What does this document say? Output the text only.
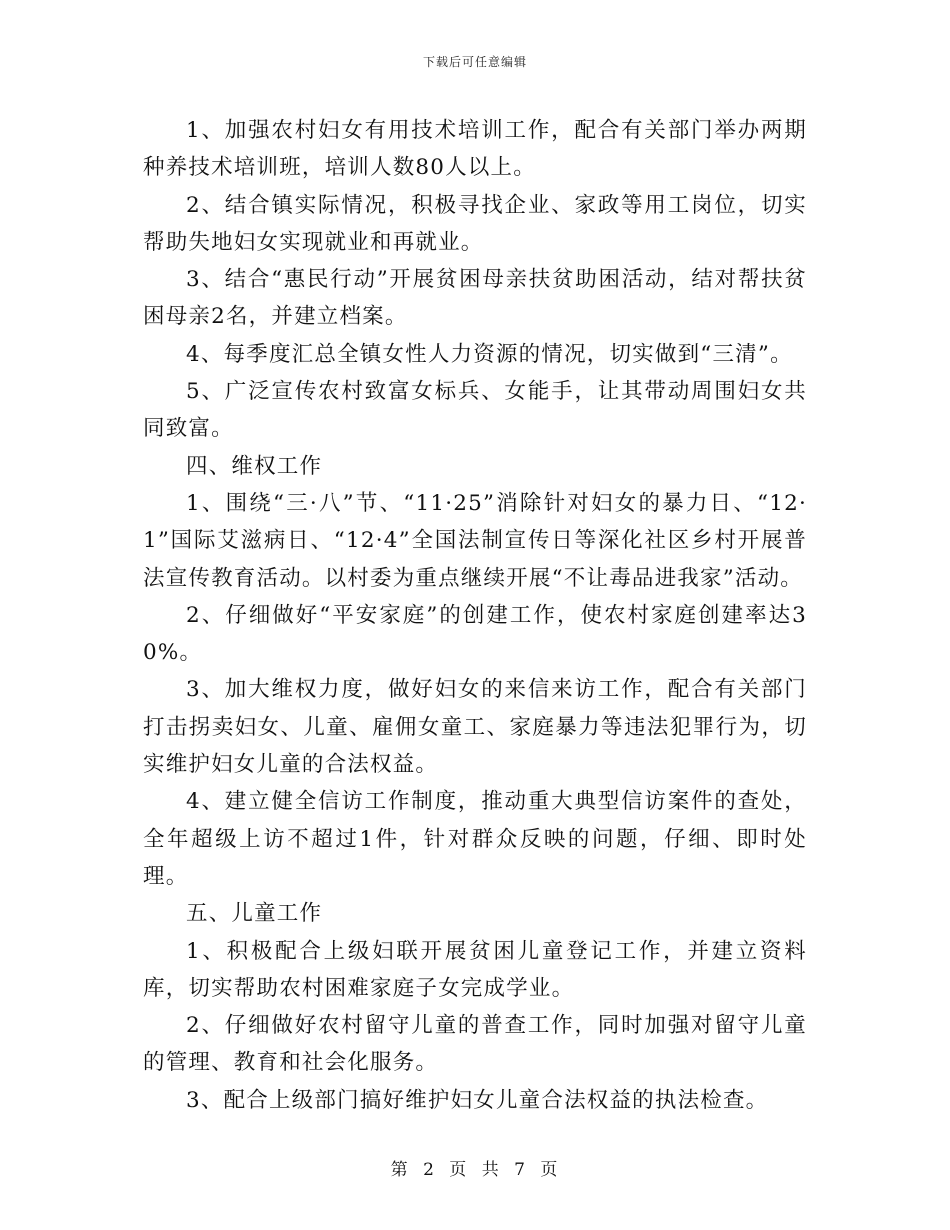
下载后可任意编辑

1、加强农村妇女有用技术培训工作，配合有关部门举办两期种养技术培训班，培训人数80人以上。

2、结合镇实际情况，积极寻找企业、家政等用工岗位，切实帮助失地妇女实现就业和再就业。

3、结合“惠民行动”开展贫困母亲扶贫助困活动，结对帮扶贫困母亲2名，并建立档案。

4、每季度汇总全镇女性人力资源的情况，切实做到“三清”。

5、广泛宣传农村致富女标兵、女能手，让其带动周围妇女共同致富。

四、维权工作

1、围绕“三·八”节、“11·25”消除针对妇女的暴力日、“12·1”国际艾滋病日、“12·4”全国法制宣传日等深化社区乡村开展普法宣传教育活动。以村委为重点继续开展“不让毒品进我家”活动。

2、仔细做好“平安家庭”的创建工作，使农村家庭创建率达30%。

3、加大维权力度，做好妇女的来信来访工作，配合有关部门打击拐卖妇女、儿童、雇佣女童工、家庭暴力等违法犯罪行为，切实维护妇女儿童的合法权益。

4、建立健全信访工作制度，推动重大典型信访案件的查处，全年超级上访不超过1件，针对群众反映的问题，仔细、即时处理。

五、儿童工作

1、积极配合上级妇联开展贫困儿童登记工作，并建立资料库，切实帮助农村困难家庭子女完成学业。

2、仔细做好农村留守儿童的普查工作，同时加强对留守儿童的管理、教育和社会化服务。

3、配合上级部门搞好维护妇女儿童合法权益的执法检查。

第 2 页 共 7 页
